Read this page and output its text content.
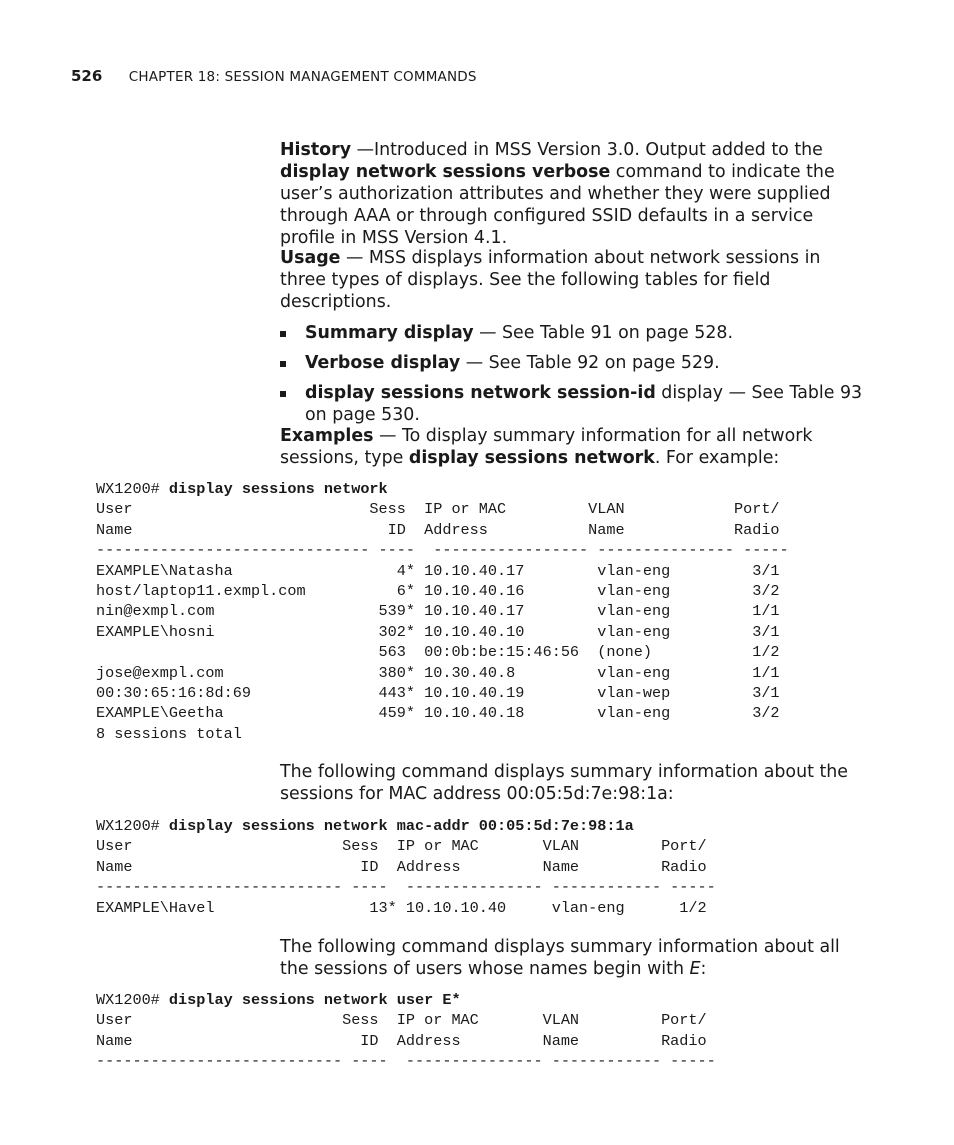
526 CHAPTER 18: SESSION MANAGEMENT COMMANDS

History —Introduced in MSS Version 3.0. Output added to the display network sessions verbose command to indicate the user’s authorization attributes and whether they were supplied through AAA or through configured SSID defaults in a service profile in MSS Version 4.1.

Usage — MSS displays information about network sessions in three types of displays. See the following tables for field descriptions.

Summary display — See Table 91 on page 528.
Verbose display — See Table 92 on page 529.
display sessions network session-id display — See Table 93 on page 530.

Examples — To display summary information for all network sessions, type display sessions network. For example:

WX1200# display sessions network
User                          Sess  IP or MAC         VLAN            Port/
Name                            ID  Address           Name            Radio
------------------------------ ----  ----------------- --------------- -----
EXAMPLE\Natasha                  4* 10.10.40.17        vlan-eng         3/1
host/laptop11.exmpl.com          6* 10.10.40.16        vlan-eng         3/2
nin@exmpl.com                  539* 10.10.40.17        vlan-eng         1/1
EXAMPLE\hosni                  302* 10.10.40.10        vlan-eng         3/1
563  00:0b:be:15:46:56  (none)           1/2
jose@exmpl.com                 380* 10.30.40.8         vlan-eng         1/1
00:30:65:16:8d:69              443* 10.10.40.19        vlan-wep         3/1
EXAMPLE\Geetha                 459* 10.10.40.18        vlan-eng         3/2
8 sessions total

The following command displays summary information about the sessions for MAC address 00:05:5d:7e:98:1a:

WX1200# display sessions network mac-addr 00:05:5d:7e:98:1a
User                       Sess  IP or MAC       VLAN         Port/
Name                         ID  Address         Name         Radio
--------------------------- ----  --------------- ------------ -----
EXAMPLE\Havel                 13* 10.10.10.40     vlan-eng      1/2

The following command displays summary information about all the sessions of users whose names begin with E:

WX1200# display sessions network user E*
User                       Sess  IP or MAC       VLAN         Port/
Name                         ID  Address         Name         Radio
--------------------------- ----  --------------- ------------ -----
